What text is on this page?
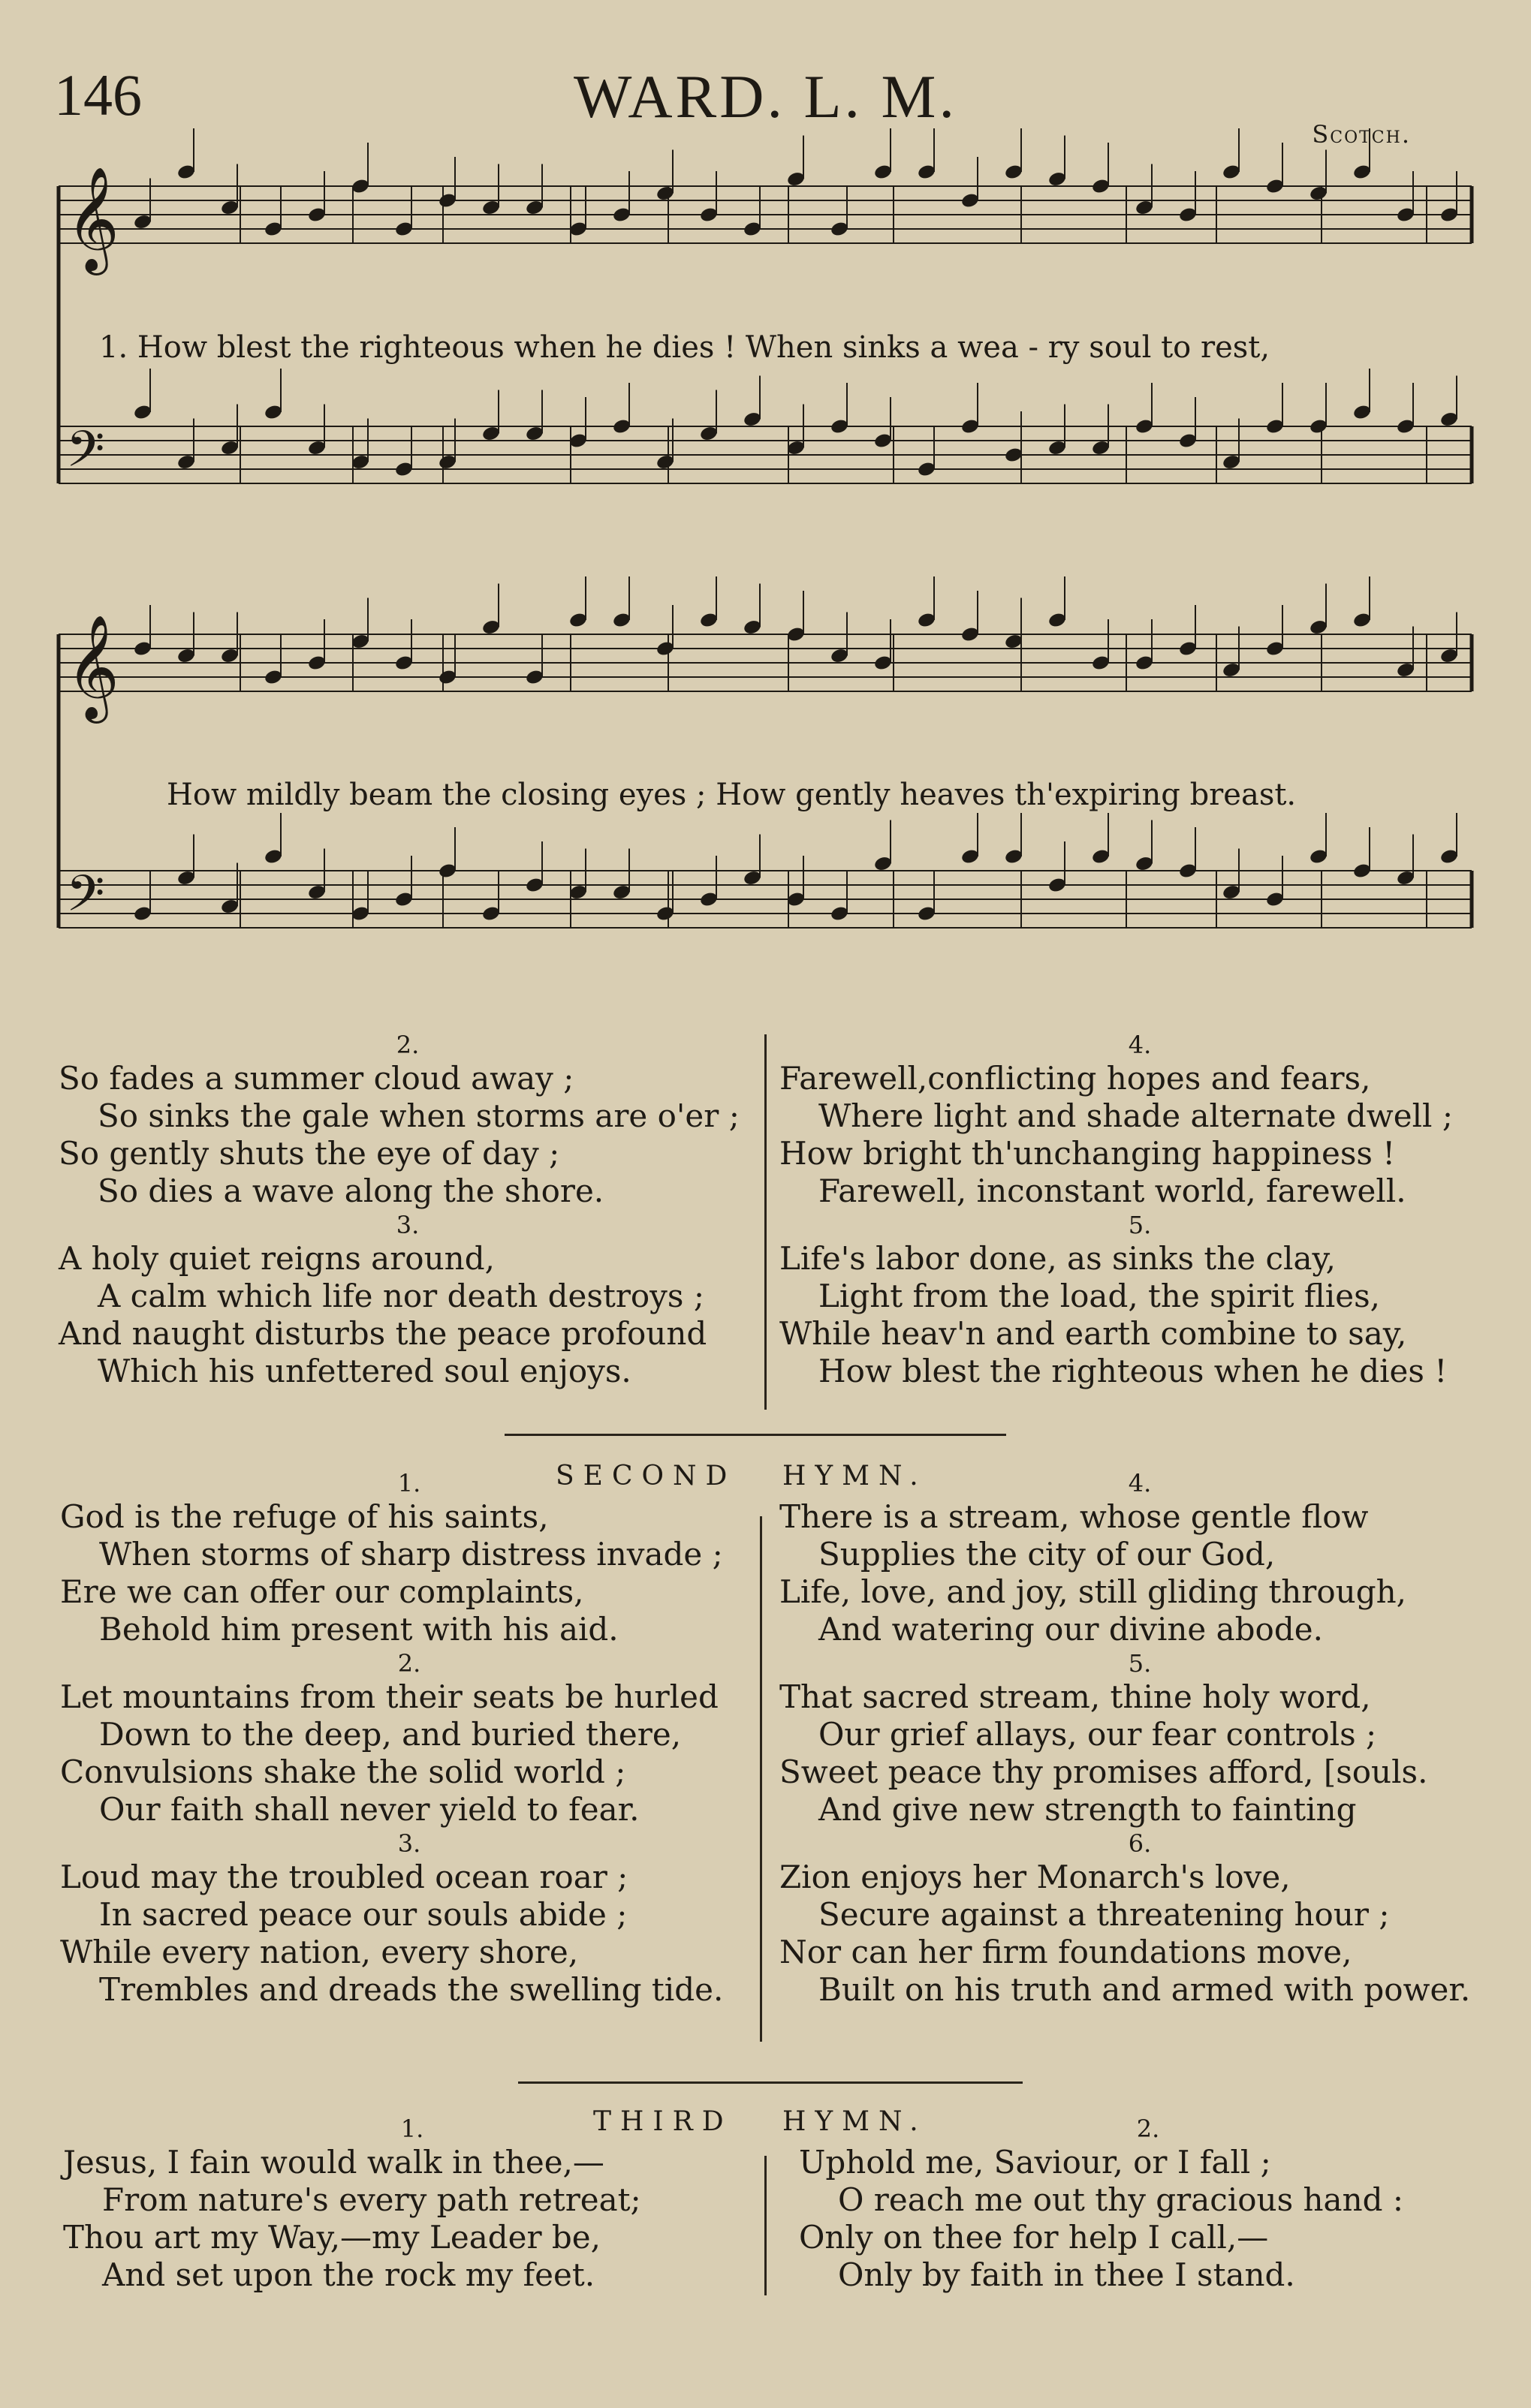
146	WARD. L. M.
Scotch.
𝄞
𝄢
𝄞
𝄢
1. How blest the righteous when he dies ! When sinks a wea - ry soul to rest,
How mildly beam the closing eyes ; How gently heaves th'expiring breast.
2.
So fades a summer cloud away ;
So sinks the gale when storms are o'er ;
So gently shuts the eye of day ;
So dies a wave along the shore.
3.
A holy quiet reigns around,
A calm which life nor death destroys ;
And naught disturbs the peace profound
Which his unfettered soul enjoys.
4.
Farewell,conflicting hopes and fears,
Where light and shade alternate dwell ;
How bright th'unchanging happiness !
Farewell, inconstant world, farewell.
5.
Life's labor done, as sinks the clay,
Light from the load, the spirit flies,
While heav'n and earth combine to say,
How blest the righteous when he dies !
SECOND HYMN.
1.
God is the refuge of his saints,
When storms of sharp distress invade ;
Ere we can offer our complaints,
Behold him present with his aid.
2.
Let mountains from their seats be hurled
Down to the deep, and buried there,
Convulsions shake the solid world ;
Our faith shall never yield to fear.
3.
Loud may the troubled ocean roar ;
In sacred peace our souls abide ;
While every nation, every shore,
Trembles and dreads the swelling tide.
4.
There is a stream, whose gentle flow
Supplies the city of our God,
Life, love, and joy, still gliding through,
And watering our divine abode.
5.
That sacred stream, thine holy word,
Our grief allays, our fear controls ;
Sweet peace thy promises afford, [souls.
And give new strength to fainting
6.
Zion enjoys her Monarch's love,
Secure against a threatening hour ;
Nor can her firm foundations move,
Built on his truth and armed with power.
THIRD HYMN.
1.
Jesus, I fain would walk in thee,—
From nature's every path retreat;
Thou art my Way,—my Leader be,
And set upon the rock my feet.
2.
Uphold me, Saviour, or I fall ;
O reach me out thy gracious hand :
Only on thee for help I call,—
Only by faith in thee I stand.
